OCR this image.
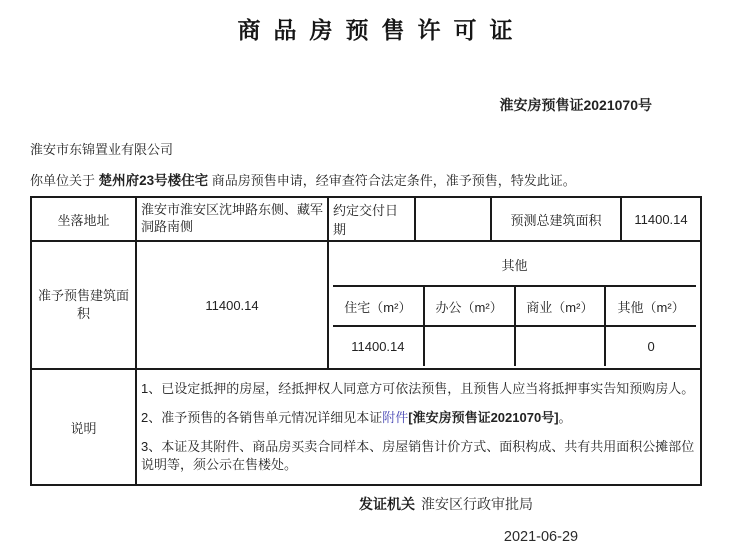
商品房预售许可证
淮安房预售证2021070号
淮安市东锦置业有限公司
你单位关于 楚州府23号楼住宅 商品房预售申请，经审查符合法定条件，准予预售，特发此证。
坐落地址	淮安市淮安区沈坤路东侧、藏军洞路南侧	约定交付日期		预测总建筑面积	11400.14
准予预售建筑面积	11400.14	
其他
住宅（m²）	办公（m²）	商业（m²）	其他（m²）
11400.14			0

说明	

1、已设定抵押的房屋，经抵押权人同意方可依法预售，且预售人应当将抵押事实告知预购房人。

2、准予预售的各销售单元情况详细见本证附件[淮安房预售证2021070号]。

3、本证及其附件、商品房买卖合同样本、房屋销售计价方式、面积构成、共有共用面积公摊部位说明等，须公示在售楼处。

发证机关 淮安区行政审批局
2021-06-29
